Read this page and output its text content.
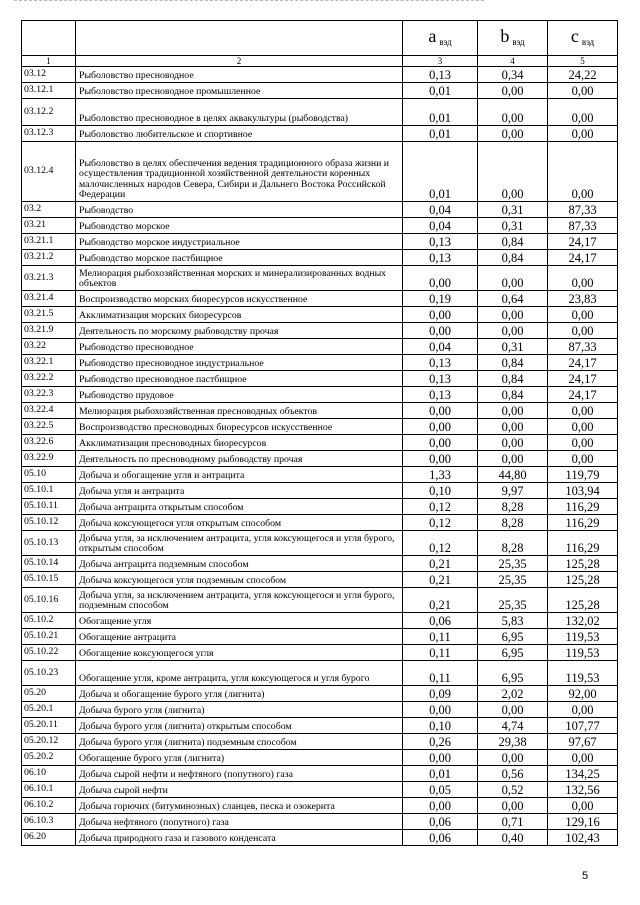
		a $_{вэд}$	b $_{вэд}$	c $_{вэд}$
1	2	3	4	5
03.12	Рыболовство пресноводное	0,13	0,34	24,22
03.12.1	Рыболовство пресноводное промышленное	0,01	0,00	0,00
03.12.2	Рыболовство пресноводное в целях аквакультуры (рыбоводства)	0,01	0,00	0,00
03.12.3	Рыболовство любительское и спортивное	0,01	0,00	0,00
03.12.4	Рыболовство в целях обеспечения ведения традиционного образа жизни и осуществления традиционной хозяйственной деятельности коренных малочисленных народов Севера, Сибири и Дальнего Востока Российской Федерации	0,01	0,00	0,00
03.2	Рыбоводство	0,04	0,31	87,33
03.21	Рыбоводство морское	0,04	0,31	87,33
03.21.1	Рыбоводство морское индустриальное	0,13	0,84	24,17
03.21.2	Рыбоводство морское пастбищное	0,13	0,84	24,17
03.21.3	Мелиорация рыбохозяйственная морских и минерализированных водных объектов	0,00	0,00	0,00
03.21.4	Воспроизводство морских биоресурсов искусственное	0,19	0,64	23,83
03.21.5	Акклиматизация морских биоресурсов	0,00	0,00	0,00
03.21.9	Деятельность по морскому рыбоводству прочая	0,00	0,00	0,00
03.22	Рыбоводство пресноводное	0,04	0,31	87,33
03.22.1	Рыбоводство пресноводное индустриальное	0,13	0,84	24,17
03.22.2	Рыбоводство пресноводное пастбищное	0,13	0,84	24,17
03.22.3	Рыбоводство прудовое	0,13	0,84	24,17
03.22.4	Мелиорация рыбохозяйственная пресноводных объектов	0,00	0,00	0,00
03.22.5	Воспроизводство пресноводных биоресурсов искусственное	0,00	0,00	0,00
03.22.6	Акклиматизация пресноводных биоресурсов	0,00	0,00	0,00
03.22.9	Деятельность по пресноводному рыбоводству прочая	0,00	0,00	0,00
05.10	Добыча и обогащение угля и антрацита	1,33	44,80	119,79
05.10.1	Добыча угля и антрацита	0,10	9,97	103,94
05.10.11	Добыча антрацита открытым способом	0,12	8,28	116,29
05.10.12	Добыча коксующегося угля открытым способом	0,12	8,28	116,29
05.10.13	Добыча угля, за исключением антрацита, угля коксующегося и угля бурого, открытым способом	0,12	8,28	116,29
05.10.14	Добыча антрацита подземным способом	0,21	25,35	125,28
05.10.15	Добыча коксующегося угля подземным способом	0,21	25,35	125,28
05.10.16	Добыча угля, за исключением антрацита, угля коксующегося и угля бурого, подземным способом	0,21	25,35	125,28
05.10.2	Обогащение угля	0,06	5,83	132,02
05.10.21	Обогащение антрацита	0,11	6,95	119,53
05.10.22	Обогащение коксующегося угля	0,11	6,95	119,53
05.10.23	Обогащение угля, кроме антрацита, угля коксующегося и угля бурого	0,11	6,95	119,53
05.20	Добыча и обогащение бурого угля (лигнита)	0,09	2,02	92,00
05.20.1	Добыча бурого угля (лигнита)	0,00	0,00	0,00
05.20.11	Добыча бурого угля (лигнита) открытым способом	0,10	4,74	107,77
05.20.12	Добыча бурого угля (лигнита) подземным способом	0,26	29,38	97,67
05.20.2	Обогащение бурого угля (лигнита)	0,00	0,00	0,00
06.10	Добыча сырой нефти и нефтяного (попутного) газа	0,01	0,56	134,25
06.10.1	Добыча сырой нефти	0,05	0,52	132,56
06.10.2	Добыча горючих (битуминозных) сланцев, песка и озокерита	0,00	0,00	0,00
06.10.3	Добыча нефтяного (попутного) газа	0,06	0,71	129,16
06.20	Добыча природного газа и газового конденсата	0,06	0,40	102,43
5
